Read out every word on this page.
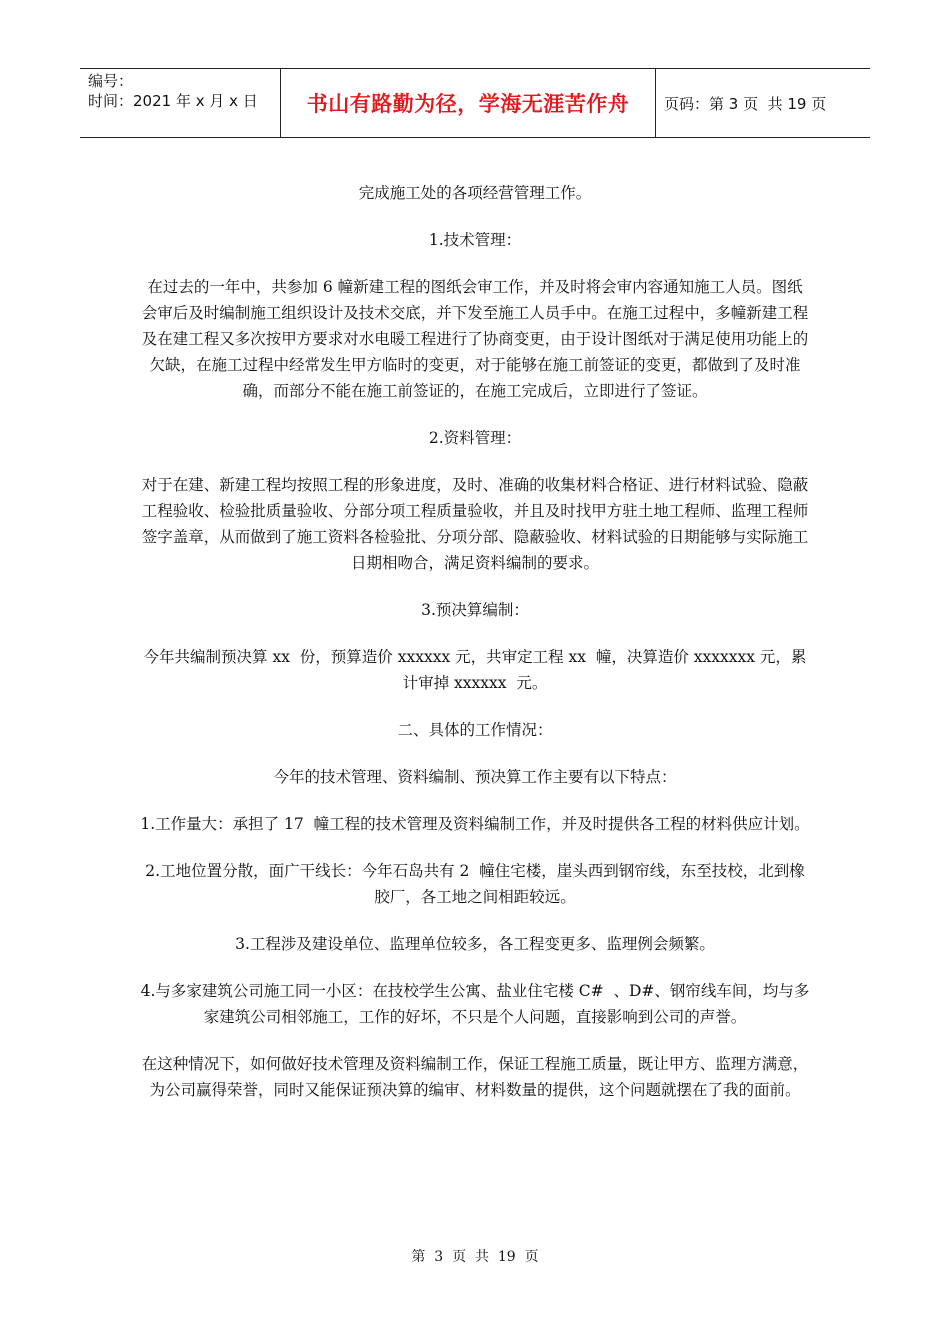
编号：
时间：2021 年 x 月 x 日	书山有路勤为径，学海无涯苦作舟	页码：第 3 页  共 19 页

完成施工处的各项经营管理工作。

1.技术管理：

在过去的一年中，共参加 6 幢新建工程的图纸会审工作，并及时将会审内容通知施工人员。图纸会审后及时编制施工组织设计及技术交底，并下发至施工人员手中。在施工过程中，多幢新建工程及在建工程又多次按甲方要求对水电暖工程进行了协商变更，由于设计图纸对于满足使用功能上的欠缺，在施工过程中经常发生甲方临时的变更，对于能够在施工前签证的变更，都做到了及时准确，而部分不能在施工前签证的，在施工完成后，立即进行了签证。

2.资料管理：

对于在建、新建工程均按照工程的形象进度，及时、准确的收集材料合格证、进行材料试验、隐蔽工程验收、检验批质量验收、分部分项工程质量验收，并且及时找甲方驻土地工程师、监理工程师签字盖章，从而做到了施工资料各检验批、分项分部、隐蔽验收、材料试验的日期能够与实际施工日期相吻合，满足资料编制的要求。

3.预决算编制：

今年共编制预决算 xx  份，预算造价 xxxxxx 元，共审定工程 xx  幢，决算造价 xxxxxxx 元，累计审掉 xxxxxx  元。

二、具体的工作情况：

今年的技术管理、资料编制、预决算工作主要有以下特点：

1.工作量大：承担了 17  幢工程的技术管理及资料编制工作，并及时提供各工程的材料供应计划。

2.工地位置分散，面广干线长：今年石岛共有 2  幢住宅楼，崖头西到钢帘线，东至技校，北到橡胶厂，各工地之间相距较远。

3.工程涉及建设单位、监理单位较多，各工程变更多、监理例会频繁。

4.与多家建筑公司施工同一小区：在技校学生公寓、盐业住宅楼 C#  、D#、钢帘线车间，均与多家建筑公司相邻施工，工作的好坏，不只是个人问题，直接影响到公司的声誉。

在这种情况下，如何做好技术管理及资料编制工作，保证工程施工质量，既让甲方、监理方满意，为公司赢得荣誉，同时又能保证预决算的编审、材料数量的提供，这个问题就摆在了我的面前。

第  3  页  共  19  页
